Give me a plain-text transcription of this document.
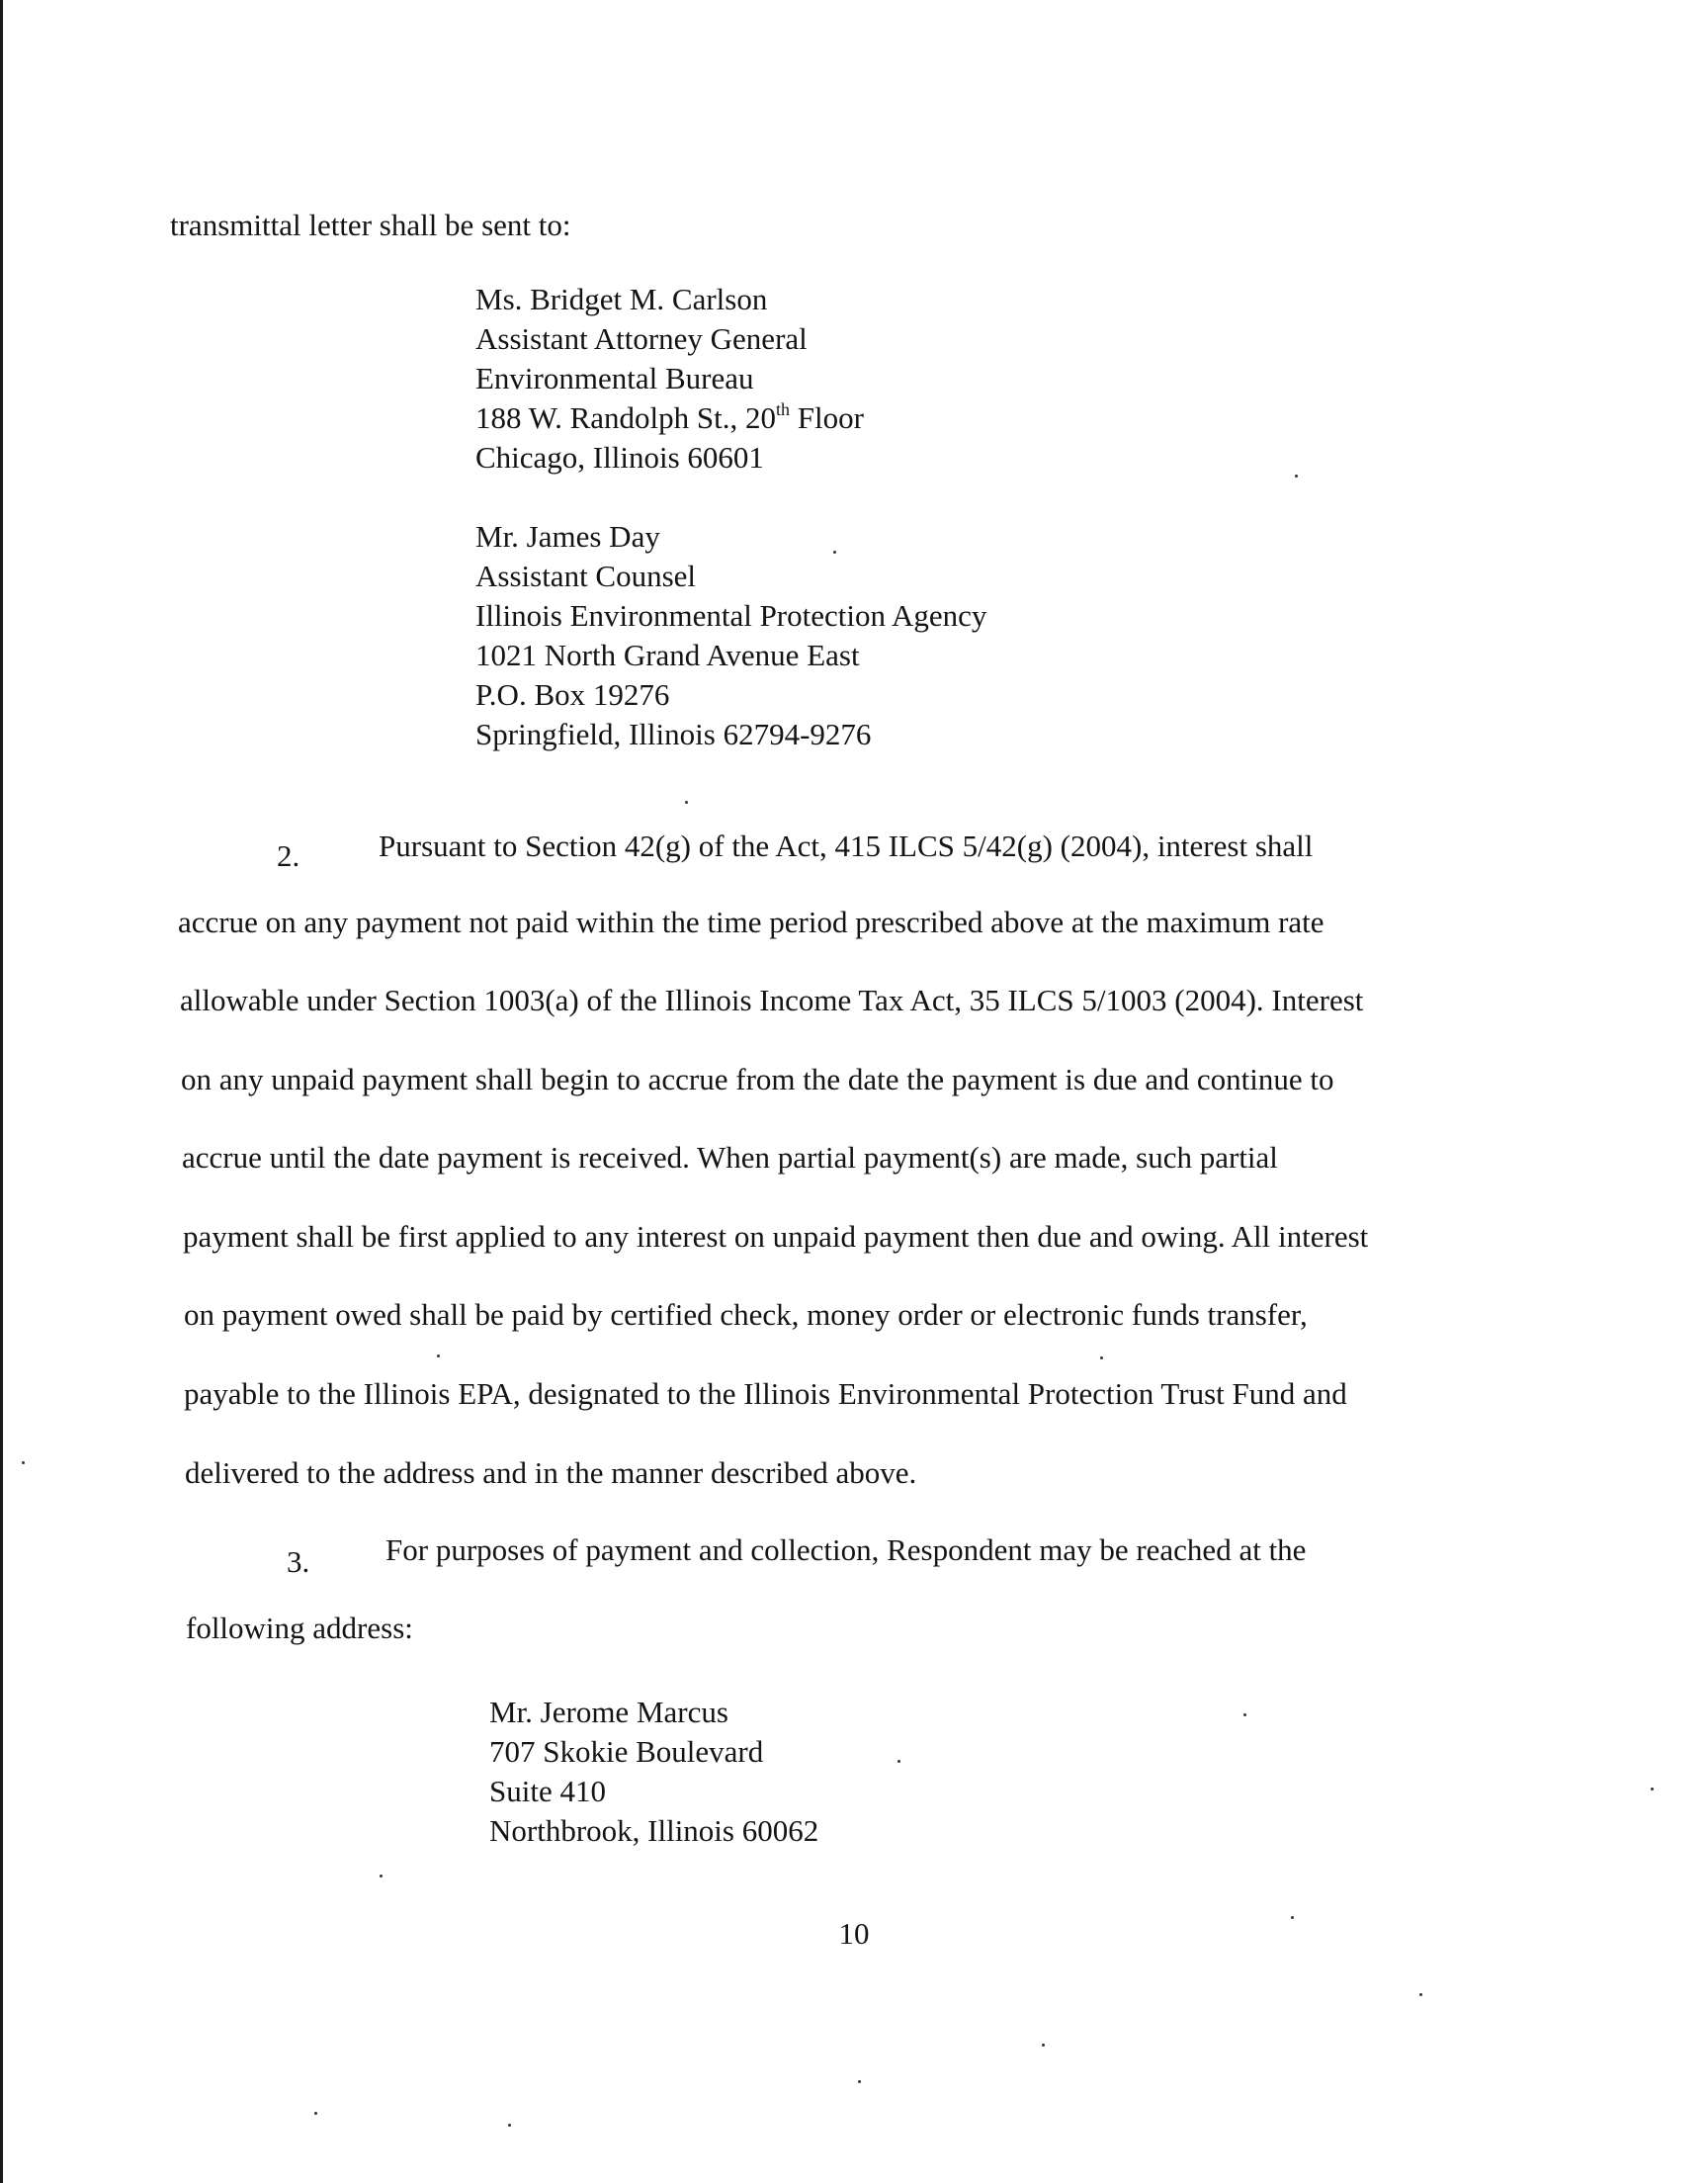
transmittal letter shall be sent to:
Ms. Bridget M. Carlson
Assistant Attorney General
Environmental Bureau
188 W. Randolph St., 20th Floor
Chicago, Illinois 60601
Mr. James Day
Assistant Counsel
Illinois Environmental Protection Agency
1021 North Grand Avenue East
P.O. Box 19276
Springfield, Illinois 62794-9276
2.	Pursuant to Section 42(g) of the Act, 415 ILCS 5/42(g) (2004), interest shall
accrue on any payment not paid within the time period prescribed above at the maximum rate
allowable under Section 1003(a) of the Illinois Income Tax Act, 35 ILCS 5/1003 (2004). Interest
on any unpaid payment shall begin to accrue from the date the payment is due and continue to
accrue until the date payment is received. When partial payment(s) are made, such partial
payment shall be first applied to any interest on unpaid payment then due and owing. All interest
on payment owed shall be paid by certified check, money order or electronic funds transfer,
payable to the Illinois EPA, designated to the Illinois Environmental Protection Trust Fund and
delivered to the address and in the manner described above.
3. For purposes of payment and collection, Respondent may be reached at the
following address:
Mr. Jerome Marcus
707 Skokie Boulevard
Suite 410
Northbrook, Illinois 60062
10
